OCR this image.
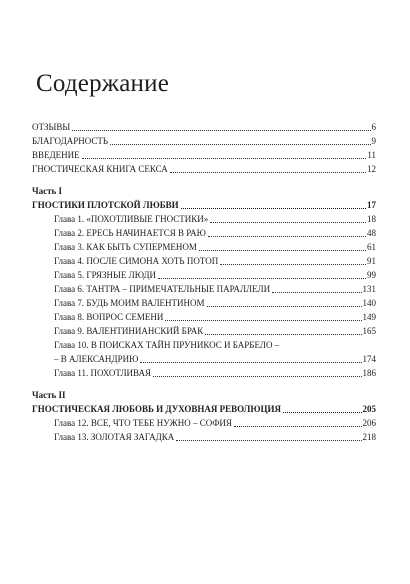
Содержание
ОТЗЫВЫ	6
БЛАГОДАРНОСТЬ	9
ВВЕДЕНИЕ	11
ГНОСТИЧЕСКАЯ КНИГА СЕКСА	12
Часть I
ГНОСТИКИ ПЛОТСКОЙ ЛЮБВИ	17
Глава 1. «ПОХОТЛИВЫЕ ГНОСТИКИ»	18
Глава 2. ЕРЕСЬ НАЧИНАЕТСЯ В РАЮ	48
Глава 3. КАК БЫТЬ СУПЕРМЕНОМ	61
Глава 4. ПОСЛЕ СИМОНА ХОТЬ ПОТОП	91
Глава 5. ГРЯЗНЫЕ ЛЮДИ	99
Глава 6. ТАНТРА – ПРИМЕЧАТЕЛЬНЫЕ ПАРАЛЛЕЛИ	131
Глава 7. БУДЬ МОИМ ВАЛЕНТИНОМ	140
Глава 8. ВОПРОС СЕМЕНИ	149
Глава 9. ВАЛЕНТИНИАНСКИЙ БРАК	165
Глава 10. В ПОИСКАХ ТАЙН ПРУНИКОС И БАРБЕЛО –
– В АЛЕКСАНДРИЮ	174
Глава 11. ПОХОТЛИВАЯ	186
Часть II
ГНОСТИЧЕСКАЯ ЛЮБОВЬ И ДУХОВНАЯ РЕВОЛЮЦИЯ	205
Глава 12. ВСЕ, ЧТО ТЕБЕ НУЖНО – СОФИЯ	206
Глава 13. ЗОЛОТАЯ ЗАГАДКА	218
